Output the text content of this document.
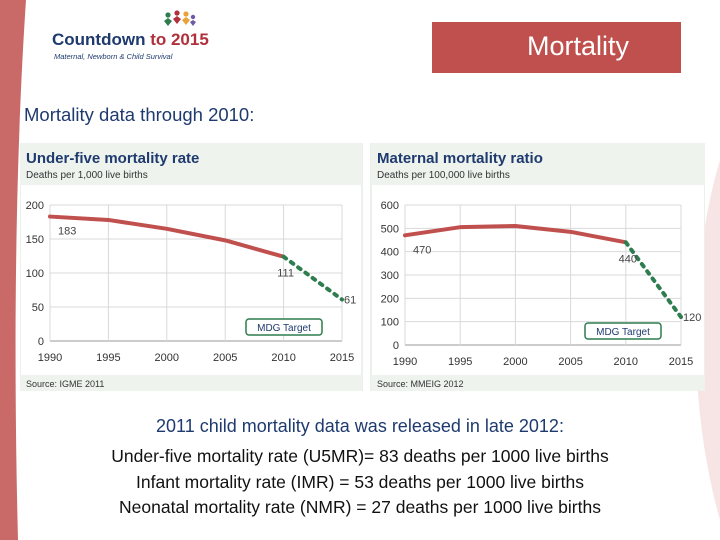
Countdown to 2015
Maternal, Newborn & Child Survival	Mortality
Mortality data through 2010:
Under-five mortality rate
Deaths per 1,000 live births
Source: IGME 2011
0
50
100
150
200
1990	1995	2000	2005	2010	2015
183
111
61
MDG Target
Maternal mortality ratio
Deaths per 100,000 live births
Source: MMEIG 2012
0
100
200
300
400
500
600
1990	1995	2000	2005	2010	2015
470
440
120
MDG Target
2011 child mortality data was released in late 2012:
Under-five mortality rate (U5MR)= 83 deaths per 1000 live births
Infant mortality rate (IMR) = 53 deaths per 1000 live births
Neonatal mortality rate (NMR) = 27 deaths per 1000 live births
